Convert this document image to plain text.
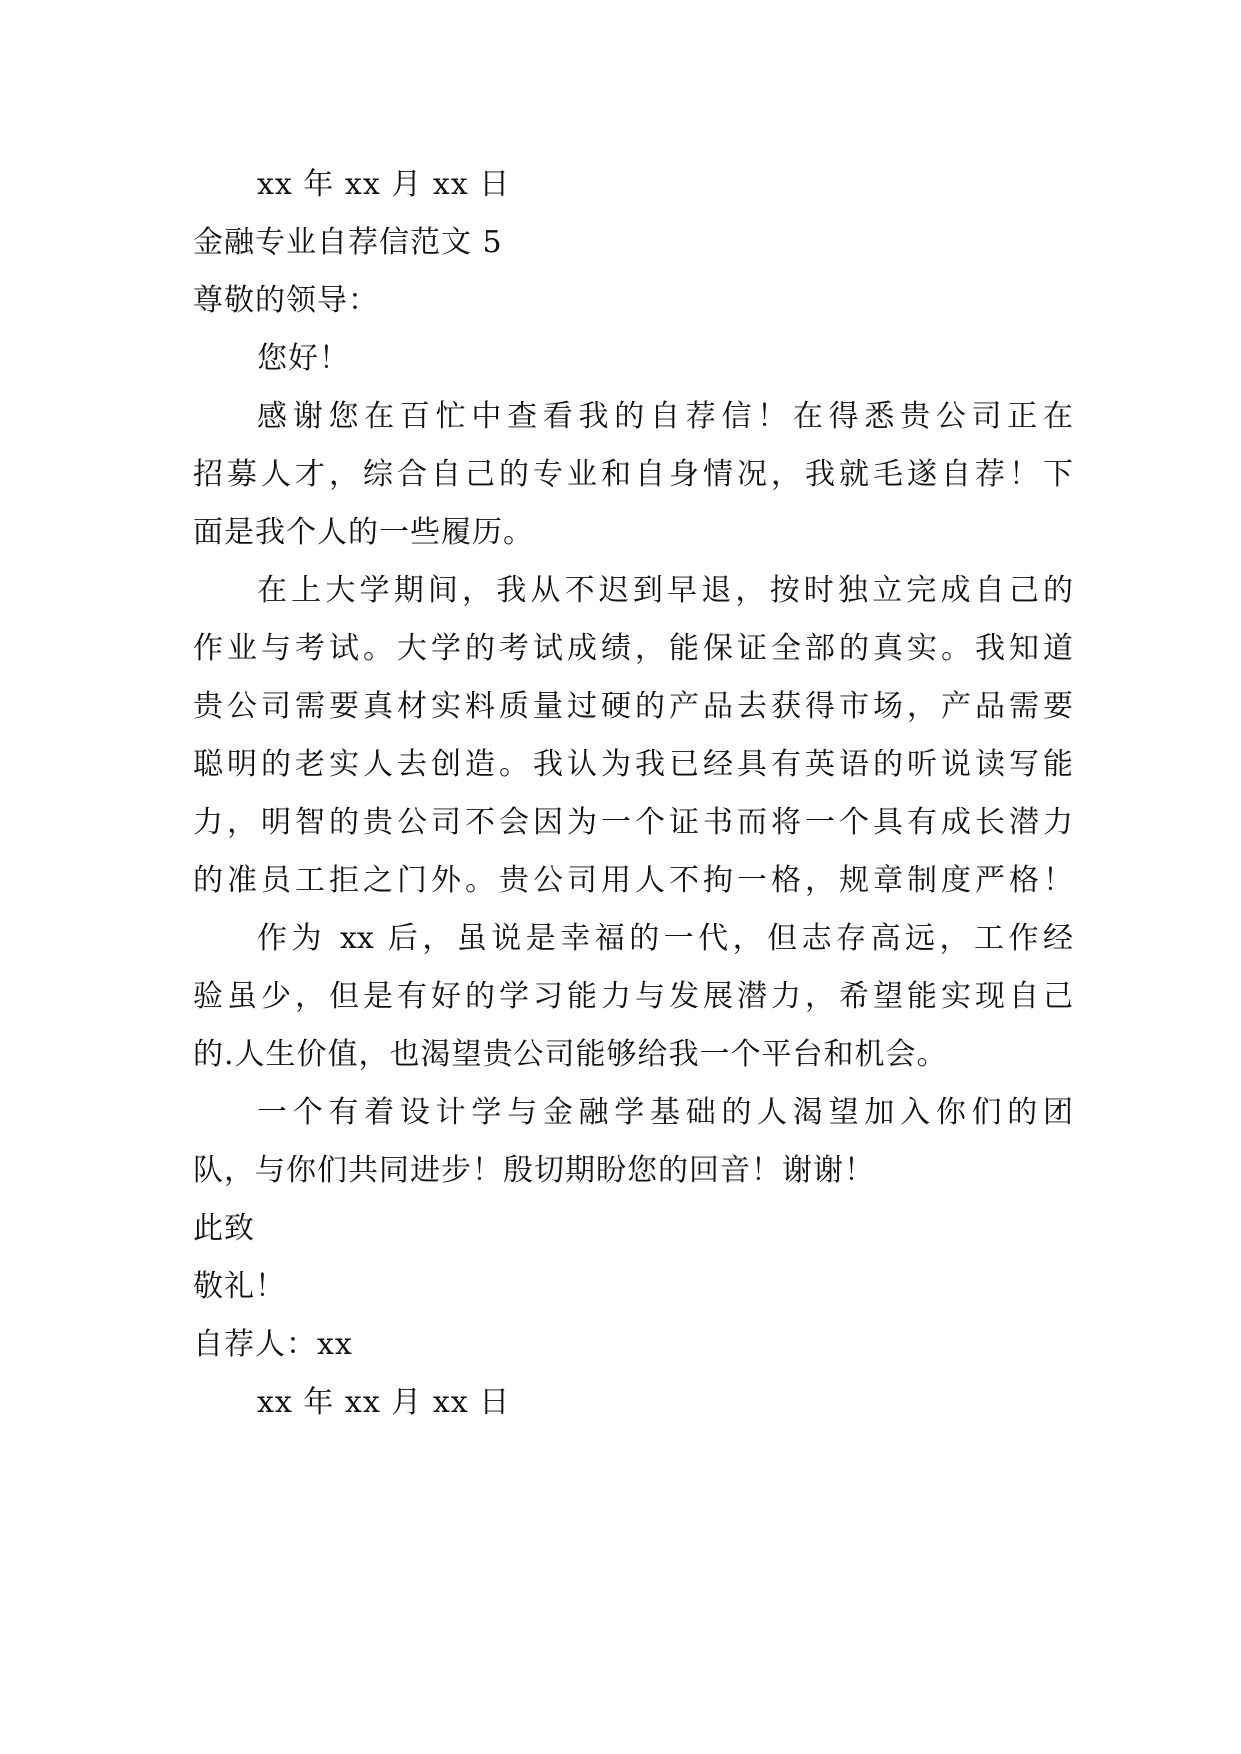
xx 年 xx 月 xx 日
金融专业自荐信范文 5
尊敬的领导：
您好！
感谢您在百忙中查看我的自荐信！在得悉贵公司正在
招募人才，综合自己的专业和自身情况，我就毛遂自荐！下
面是我个人的一些履历。
在上大学期间，我从不迟到早退，按时独立完成自己的
作业与考试。大学的考试成绩，能保证全部的真实。我知道
贵公司需要真材实料质量过硬的产品去获得市场，产品需要
聪明的老实人去创造。我认为我已经具有英语的听说读写能
力，明智的贵公司不会因为一个证书而将一个具有成长潜力
的准员工拒之门外。贵公司用人不拘一格，规章制度严格！
作为 xx 后，虽说是幸福的一代，但志存高远，工作经
验虽少，但是有好的学习能力与发展潜力，希望能实现自己
的.人生价值，也渴望贵公司能够给我一个平台和机会。
一个有着设计学与金融学基础的人渴望加入你们的团
队，与你们共同进步！殷切期盼您的回音！谢谢！
此致
敬礼！
自荐人：xx
xx 年 xx 月 xx 日
